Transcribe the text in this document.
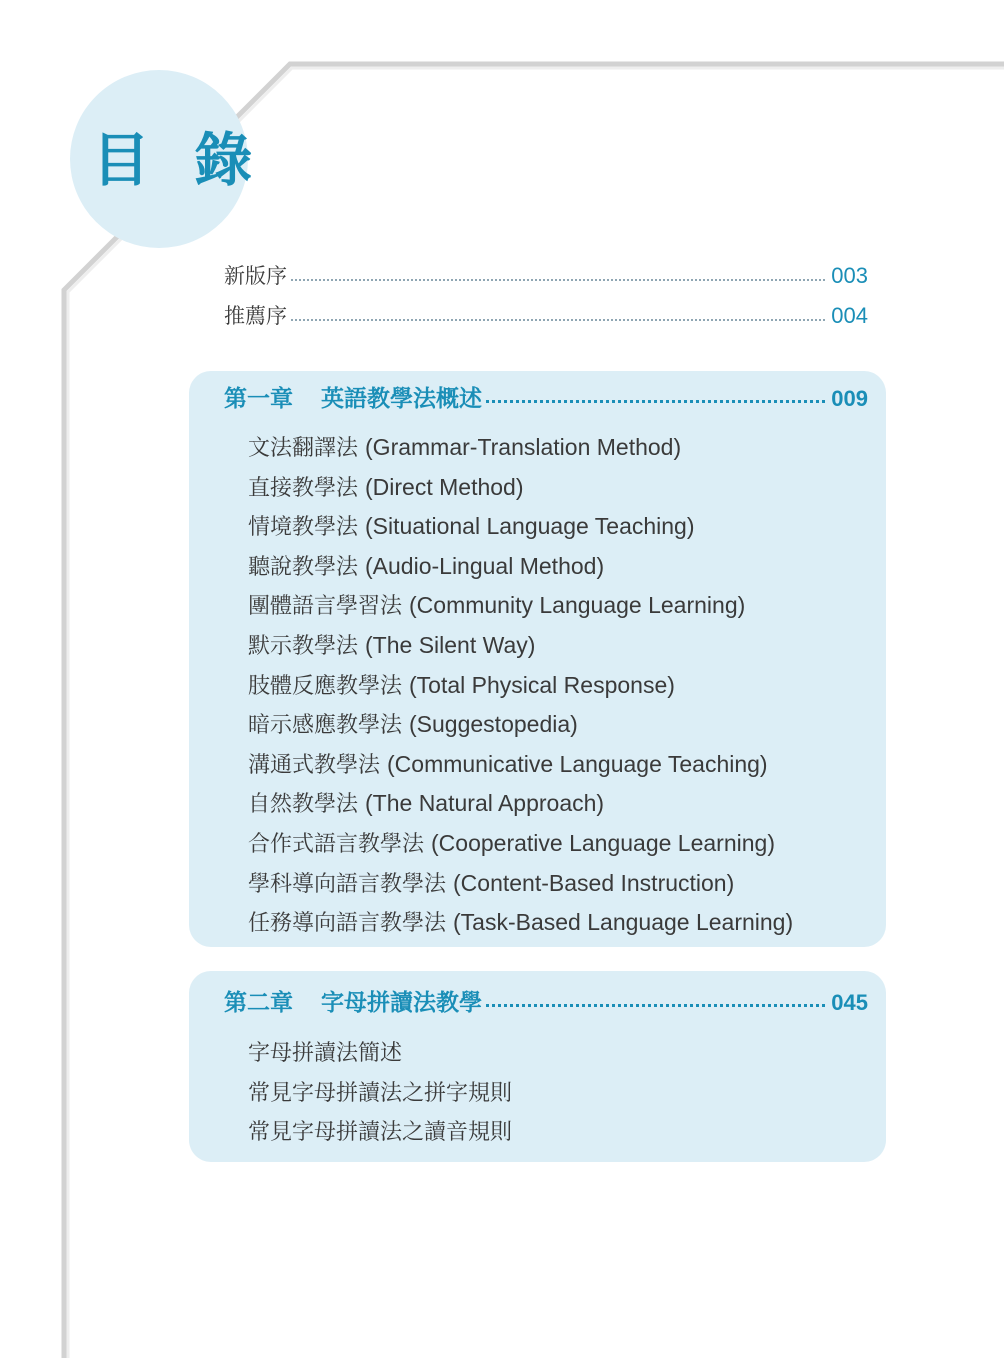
目 錄
新版序	003
推薦序	004
第一章 英語教學法概述	009
文法翻譯法 (Grammar-Translation Method)
直接教學法 (Direct Method)
情境教學法 (Situational Language Teaching)
聽說教學法 (Audio-Lingual Method)
團體語言學習法 (Community Language Learning)
默示教學法 (The Silent Way)
肢體反應教學法 (Total Physical Response)
暗示感應教學法 (Suggestopedia)
溝通式教學法 (Communicative Language Teaching)
自然教學法 (The Natural Approach)
合作式語言教學法 (Cooperative Language Learning)
學科導向語言教學法 (Content-Based Instruction)
任務導向語言教學法 (Task-Based Language Learning)
第二章 字母拼讀法教學	045
字母拼讀法簡述
常見字母拼讀法之拼字規則
常見字母拼讀法之讀音規則
